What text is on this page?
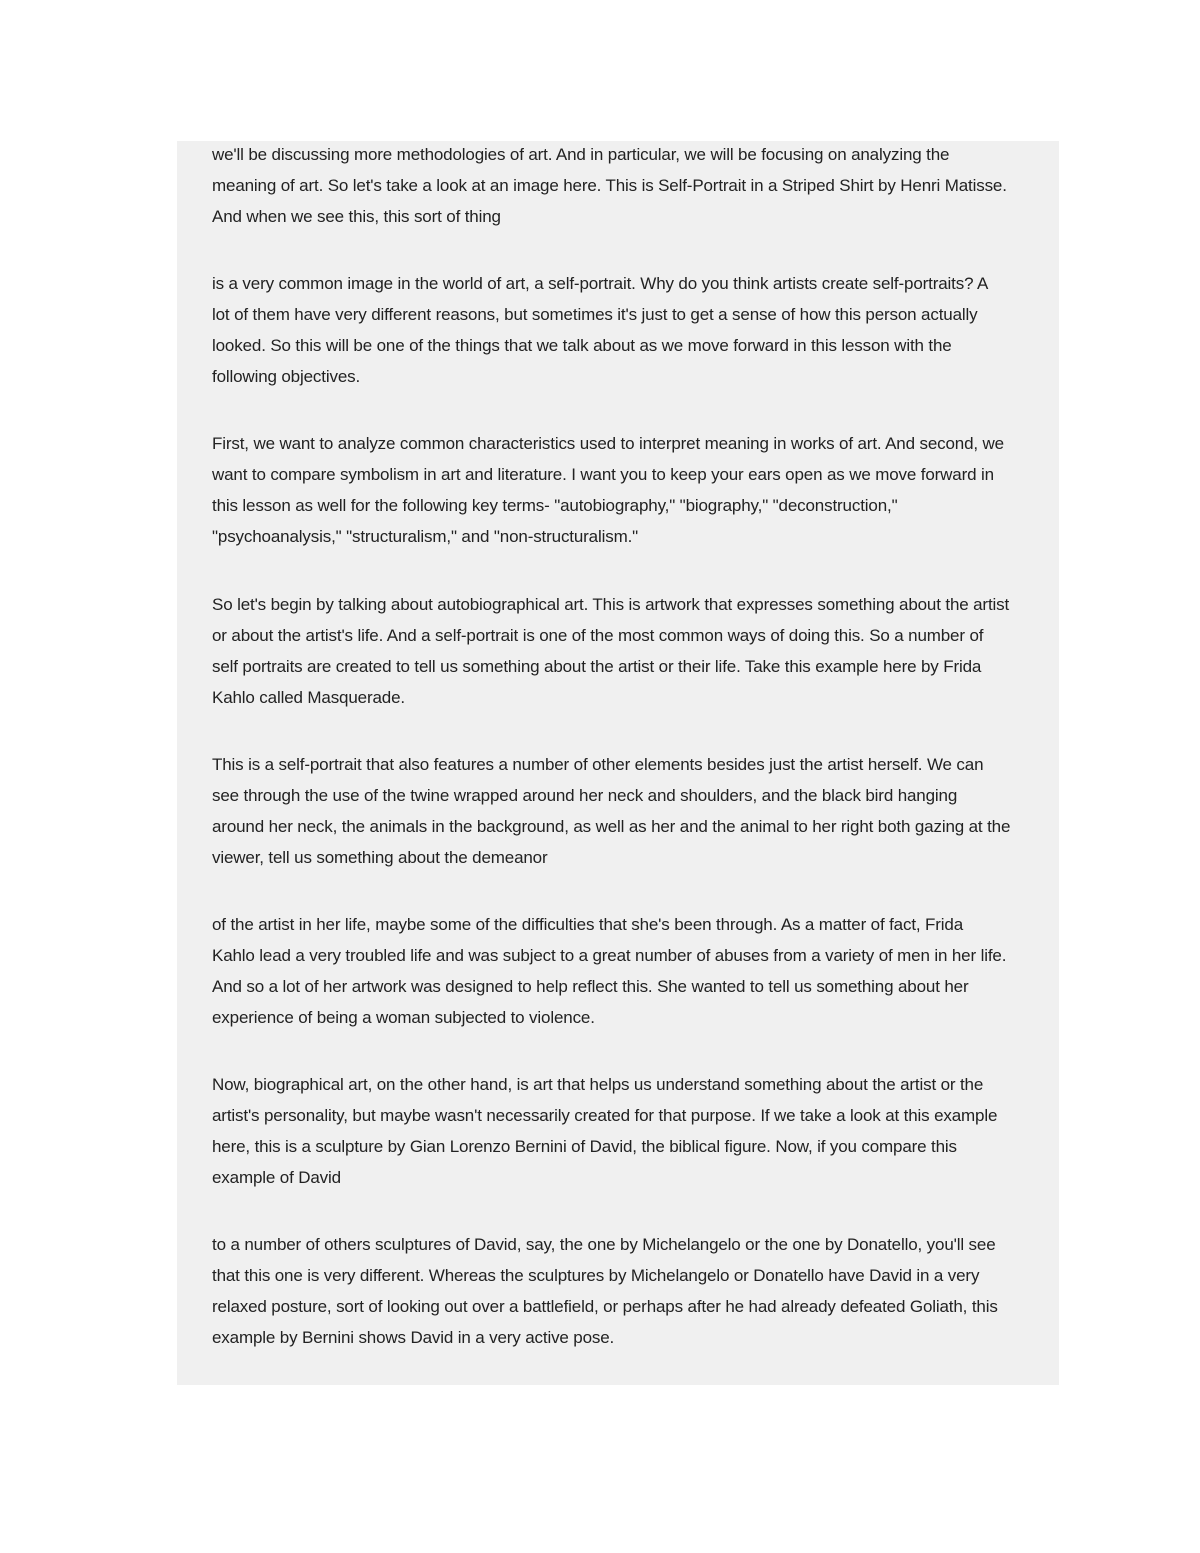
we'll be discussing more methodologies of art. And in particular, we will be focusing on analyzing the
meaning of art. So let's take a look at an image here. This is Self-Portrait in a Striped Shirt by Henri Matisse.
And when we see this, this sort of thing

is a very common image in the world of art, a self-portrait. Why do you think artists create self-portraits? A
lot of them have very different reasons, but sometimes it's just to get a sense of how this person actually
looked. So this will be one of the things that we talk about as we move forward in this lesson with the
following objectives.

First, we want to analyze common characteristics used to interpret meaning in works of art. And second, we
want to compare symbolism in art and literature. I want you to keep your ears open as we move forward in
this lesson as well for the following key terms- "autobiography," "biography," "deconstruction,"
"psychoanalysis," "structuralism," and "non-structuralism."

So let's begin by talking about autobiographical art. This is artwork that expresses something about the artist
or about the artist's life. And a self-portrait is one of the most common ways of doing this. So a number of
self portraits are created to tell us something about the artist or their life. Take this example here by Frida
Kahlo called Masquerade.

This is a self-portrait that also features a number of other elements besides just the artist herself. We can
see through the use of the twine wrapped around her neck and shoulders, and the black bird hanging
around her neck, the animals in the background, as well as her and the animal to her right both gazing at the
viewer, tell us something about the demeanor

of the artist in her life, maybe some of the difficulties that she's been through. As a matter of fact, Frida
Kahlo lead a very troubled life and was subject to a great number of abuses from a variety of men in her life.
And so a lot of her artwork was designed to help reflect this. She wanted to tell us something about her
experience of being a woman subjected to violence.

Now, biographical art, on the other hand, is art that helps us understand something about the artist or the
artist's personality, but maybe wasn't necessarily created for that purpose. If we take a look at this example
here, this is a sculpture by Gian Lorenzo Bernini of David, the biblical figure. Now, if you compare this
example of David

to a number of others sculptures of David, say, the one by Michelangelo or the one by Donatello, you'll see
that this one is very different. Whereas the sculptures by Michelangelo or Donatello have David in a very
relaxed posture, sort of looking out over a battlefield, or perhaps after he had already defeated Goliath, this
example by Bernini shows David in a very active pose.
